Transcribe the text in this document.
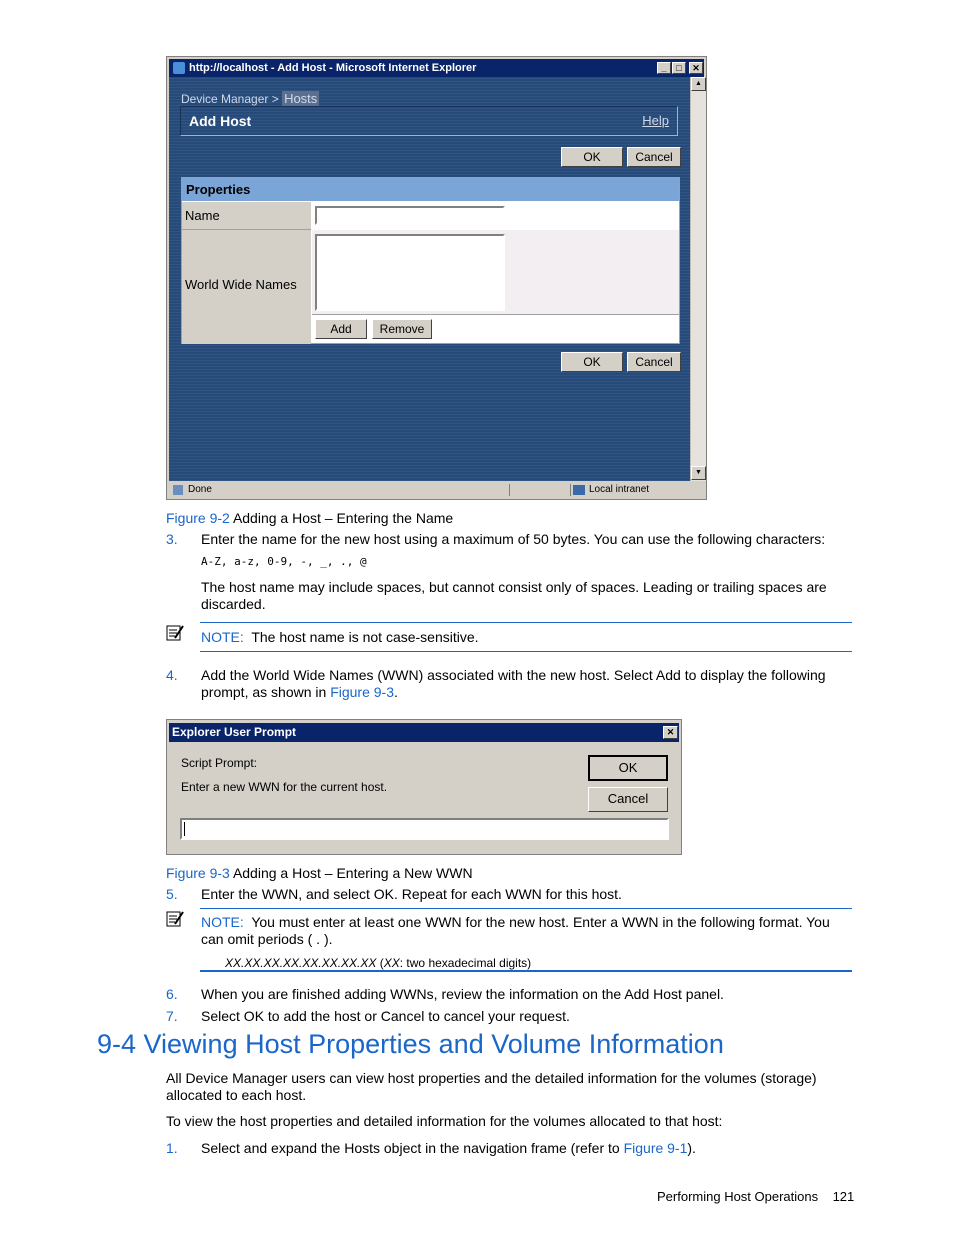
http://localhost - Add Host - Microsoft Internet Explorer	_	□	✕
Device Manager > Hosts
Add Host	Help
OK	Cancel
Properties
Name
World Wide Names
Add	Remove
OK	Cancel
▲
▼
Done	Local intranet
Figure 9-2 Adding a Host – Entering the Name
3. Enter the name for the new host using a maximum of 50 bytes. You can use the following characters:
A-Z, a-z, 0-9, -, _, ., @
The host name may include spaces, but cannot consist only of spaces. Leading or trailing spaces are discarded.
NOTE: The host name is not case-sensitive.
4. Add the World Wide Names (WWN) associated with the new host. Select Add to display the following prompt, as shown in Figure 9-3.
Explorer User Prompt	✕
Script Prompt:
Enter a new WWN for the current host.
OK
Cancel
Figure 9-3 Adding a Host – Entering a New WWN
5. Enter the WWN, and select OK. Repeat for each WWN for this host.
NOTE: You must enter at least one WWN for the new host. Enter a WWN in the following format. You can omit periods ( . ).
XX.XX.XX.XX.XX.XX.XX.XX (XX: two hexadecimal digits)
6. When you are finished adding WWNs, review the information on the Add Host panel.
7. Select OK to add the host or Cancel to cancel your request.
9-4 Viewing Host Properties and Volume Information
All Device Manager users can view host properties and the detailed information for the volumes (storage) allocated to each host.
To view the host properties and detailed information for the volumes allocated to that host:
1. Select and expand the Hosts object in the navigation frame (refer to Figure 9-1).
Performing Host Operations 121
